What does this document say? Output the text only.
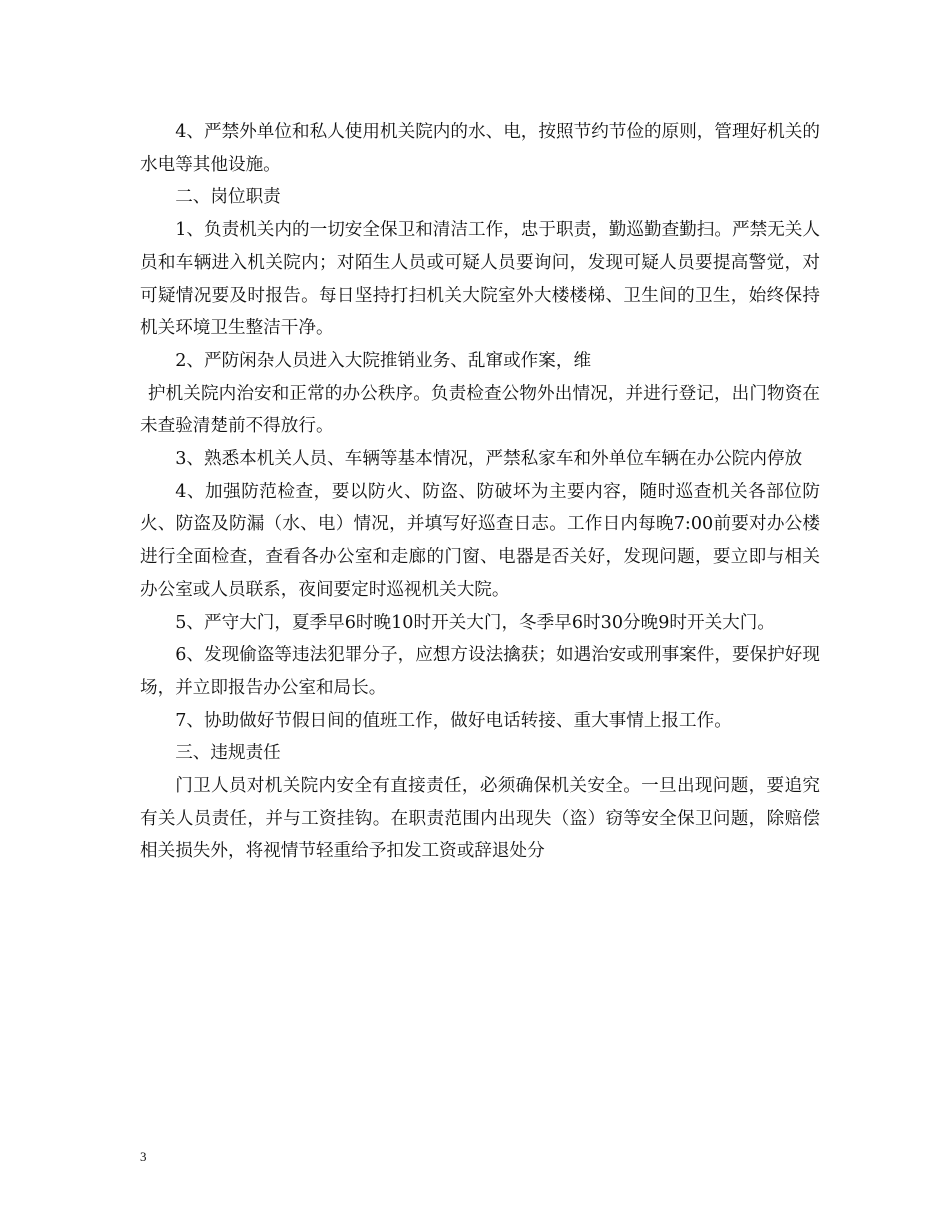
4、严禁外单位和私人使用机关院内的水、电，按照节约节俭的原则，管理好机关的水电等其他设施。

二、岗位职责

1、负责机关内的一切安全保卫和清洁工作，忠于职责，勤巡勤查勤扫。严禁无关人员和车辆进入机关院内；对陌生人员或可疑人员要询问，发现可疑人员要提高警觉，对可疑情况要及时报告。每日坚持打扫机关大院室外大楼楼梯、卫生间的卫生，始终保持机关环境卫生整洁干净。

2、严防闲杂人员进入大院推销业务、乱窜或作案，维

护机关院内治安和正常的办公秩序。负责检查公物外出情况，并进行登记，出门物资在未查验清楚前不得放行。

3、熟悉本机关人员、车辆等基本情况，严禁私家车和外单位车辆在办公院内停放

4、加强防范检查，要以防火、防盗、防破坏为主要内容，随时巡查机关各部位防火、防盗及防漏（水、电）情况，并填写好巡查日志。工作日内每晚7:00前要对办公楼进行全面检查，查看各办公室和走廊的门窗、电器是否关好，发现问题，要立即与相关办公室或人员联系，夜间要定时巡视机关大院。

5、严守大门，夏季早6时晚10时开关大门，冬季早6时30分晚9时开关大门。

6、发现偷盗等违法犯罪分子，应想方设法擒获；如遇治安或刑事案件，要保护好现场，并立即报告办公室和局长。

7、协助做好节假日间的值班工作，做好电话转接、重大事情上报工作。

三、违规责任

门卫人员对机关院内安全有直接责任，必须确保机关安全。一旦出现问题，要追究有关人员责任，并与工资挂钩。在职责范围内出现失（盗）窃等安全保卫问题，除赔偿相关损失外，将视情节轻重给予扣发工资或辞退处分

3
